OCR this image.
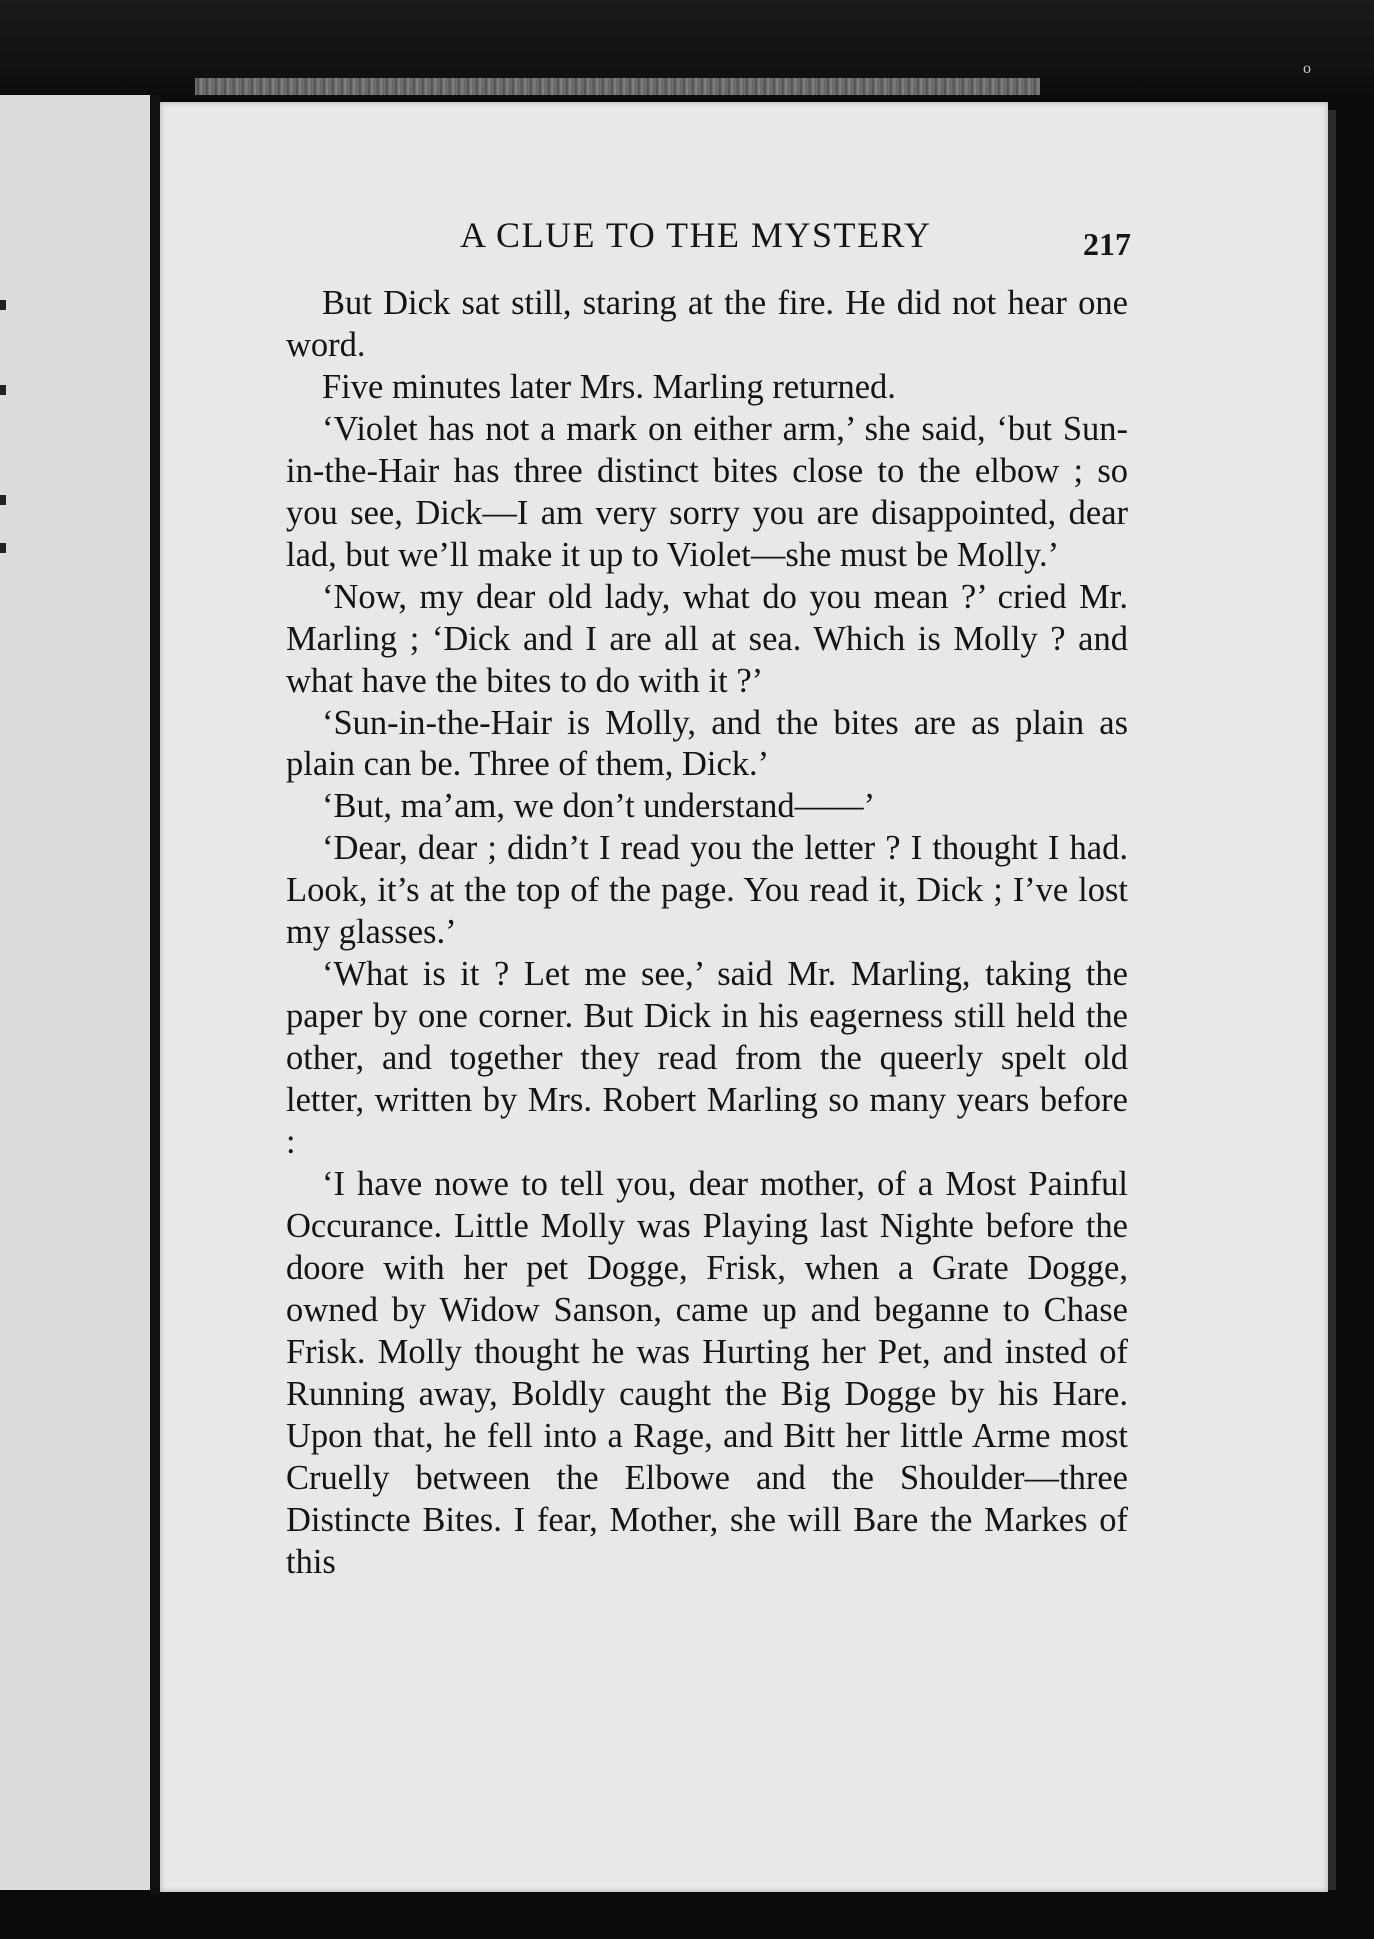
o
A CLUE TO THE MYSTERY	217

But Dick sat still, staring at the fire. He did not hear one word.

Five minutes later Mrs. Marling returned.

‘Violet has not a mark on either arm,’ she said, ‘but Sun-in-the-Hair has three distinct bites close to the elbow ; so you see, Dick—I am very sorry you are disappointed, dear lad, but we’ll make it up to Violet—she must be Molly.’

‘Now, my dear old lady, what do you mean ?’ cried Mr. Marling ; ‘Dick and I are all at sea. Which is Molly ? and what have the bites to do with it ?’

‘Sun-in-the-Hair is Molly, and the bites are as plain as plain can be. Three of them, Dick.’

‘But, ma’am, we don’t understand——’

‘Dear, dear ; didn’t I read you the letter ? I thought I had. Look, it’s at the top of the page. You read it, Dick ; I’ve lost my glasses.’

‘What is it ? Let me see,’ said Mr. Marling, taking the paper by one corner. But Dick in his eagerness still held the other, and together they read from the queerly spelt old letter, written by Mrs. Robert Marling so many years before :

‘I have nowe to tell you, dear mother, of a Most Painful Occurance. Little Molly was Playing last Nighte before the doore with her pet Dogge, Frisk, when a Grate Dogge, owned by Widow Sanson, came up and beganne to Chase Frisk. Molly thought he was Hurting her Pet, and insted of Running away, Boldly caught the Big Dogge by his Hare. Upon that, he fell into a Rage, and Bitt her little Arme most Cruelly between the Elbowe and the Shoulder—three Distincte Bites. I fear, Mother, she will Bare the Markes of this
